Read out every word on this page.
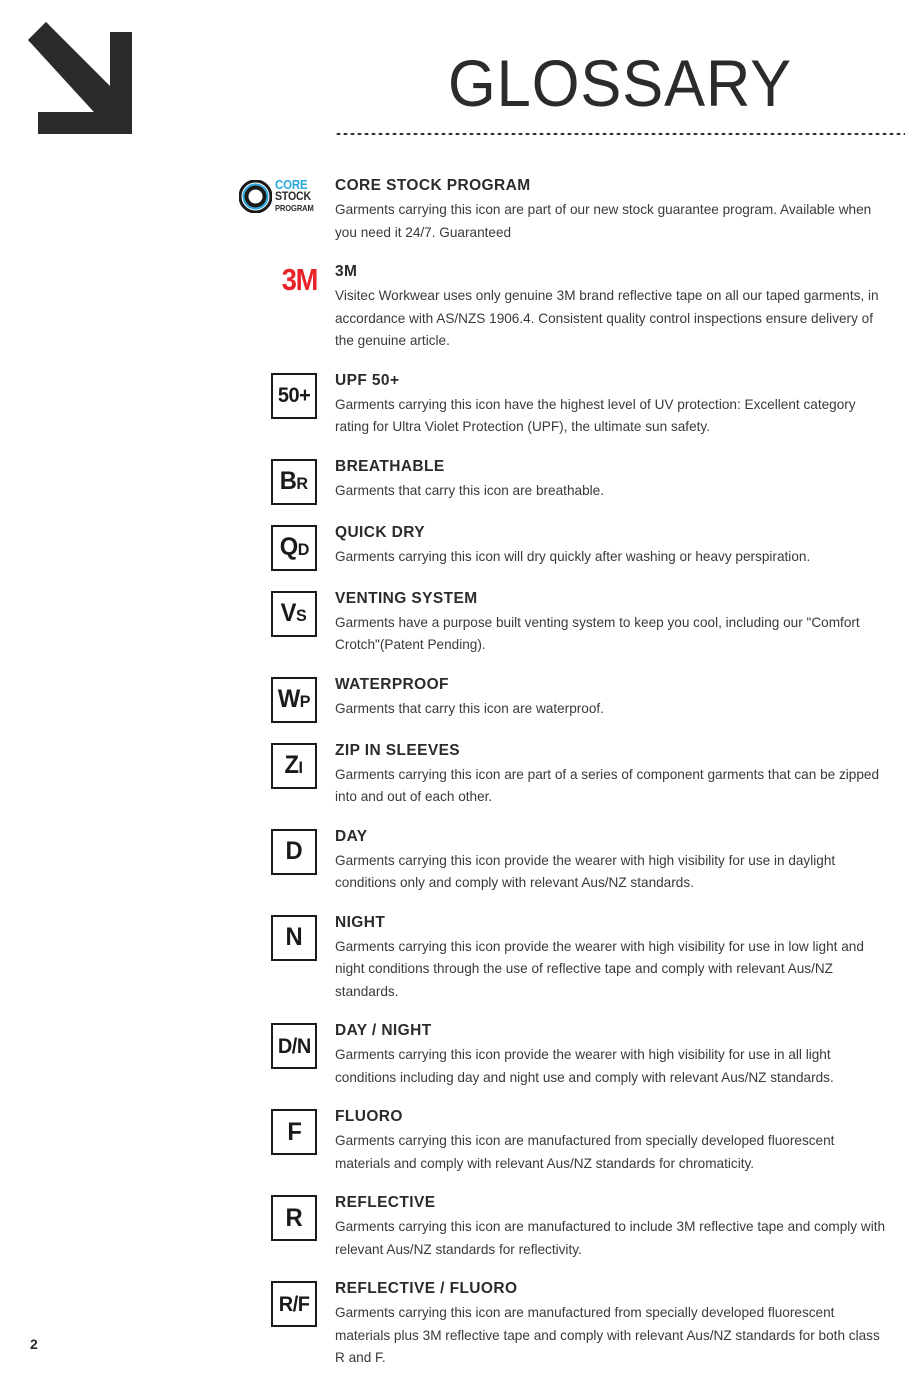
GLOSSARY
CORE
STOCK
PROGRAM
CORE STOCK PROGRAM
Garments carrying this icon are part of our new stock guarantee program. Available when you need it 24/7. Guaranteed
3M 3M
Visitec Workwear uses only genuine 3M brand reflective tape on all our taped garments, in accordance with AS/NZS 1906.4. Consistent quality control inspections ensure delivery of the genuine article.
50+
UPF 50+
Garments carrying this icon have the highest level of UV protection: Excellent category rating for Ultra Violet Protection (UPF), the ultimate sun safety.
BR
BREATHABLE
Garments that carry this icon are breathable.
QD
QUICK DRY
Garments carrying this icon will dry quickly after washing or heavy perspiration.
VS
VENTING SYSTEM
Garments have a purpose built venting system to keep you cool, including our "Comfort Crotch"(Patent Pending).
WP
WATERPROOF
Garments that carry this icon are waterproof.
ZI
ZIP IN SLEEVES
Garments carrying this icon are part of a series of component garments that can be zipped into and out of each other.
D
DAY
Garments carrying this icon provide the wearer with high visibility for use in daylight conditions only and comply with relevant Aus/NZ standards.
N
NIGHT
Garments carrying this icon provide the wearer with high visibility for use in low light and night conditions through the use of reflective tape and comply with relevant Aus/NZ standards.
D/N
DAY / NIGHT
Garments carrying this icon provide the wearer with high visibility for use in all light conditions including day and night use and comply with relevant Aus/NZ standards.
F
FLUORO
Garments carrying this icon are manufactured from specially developed fluorescent materials and comply with relevant Aus/NZ standards for chromaticity.
R
REFLECTIVE
Garments carrying this icon are manufactured to include 3M reflective tape and comply with relevant Aus/NZ standards for reflectivity.
R/F
REFLECTIVE / FLUORO
Garments carrying this icon are manufactured from specially developed fluorescent materials plus 3M reflective tape and comply with relevant Aus/NZ standards for both class R and F.
2
